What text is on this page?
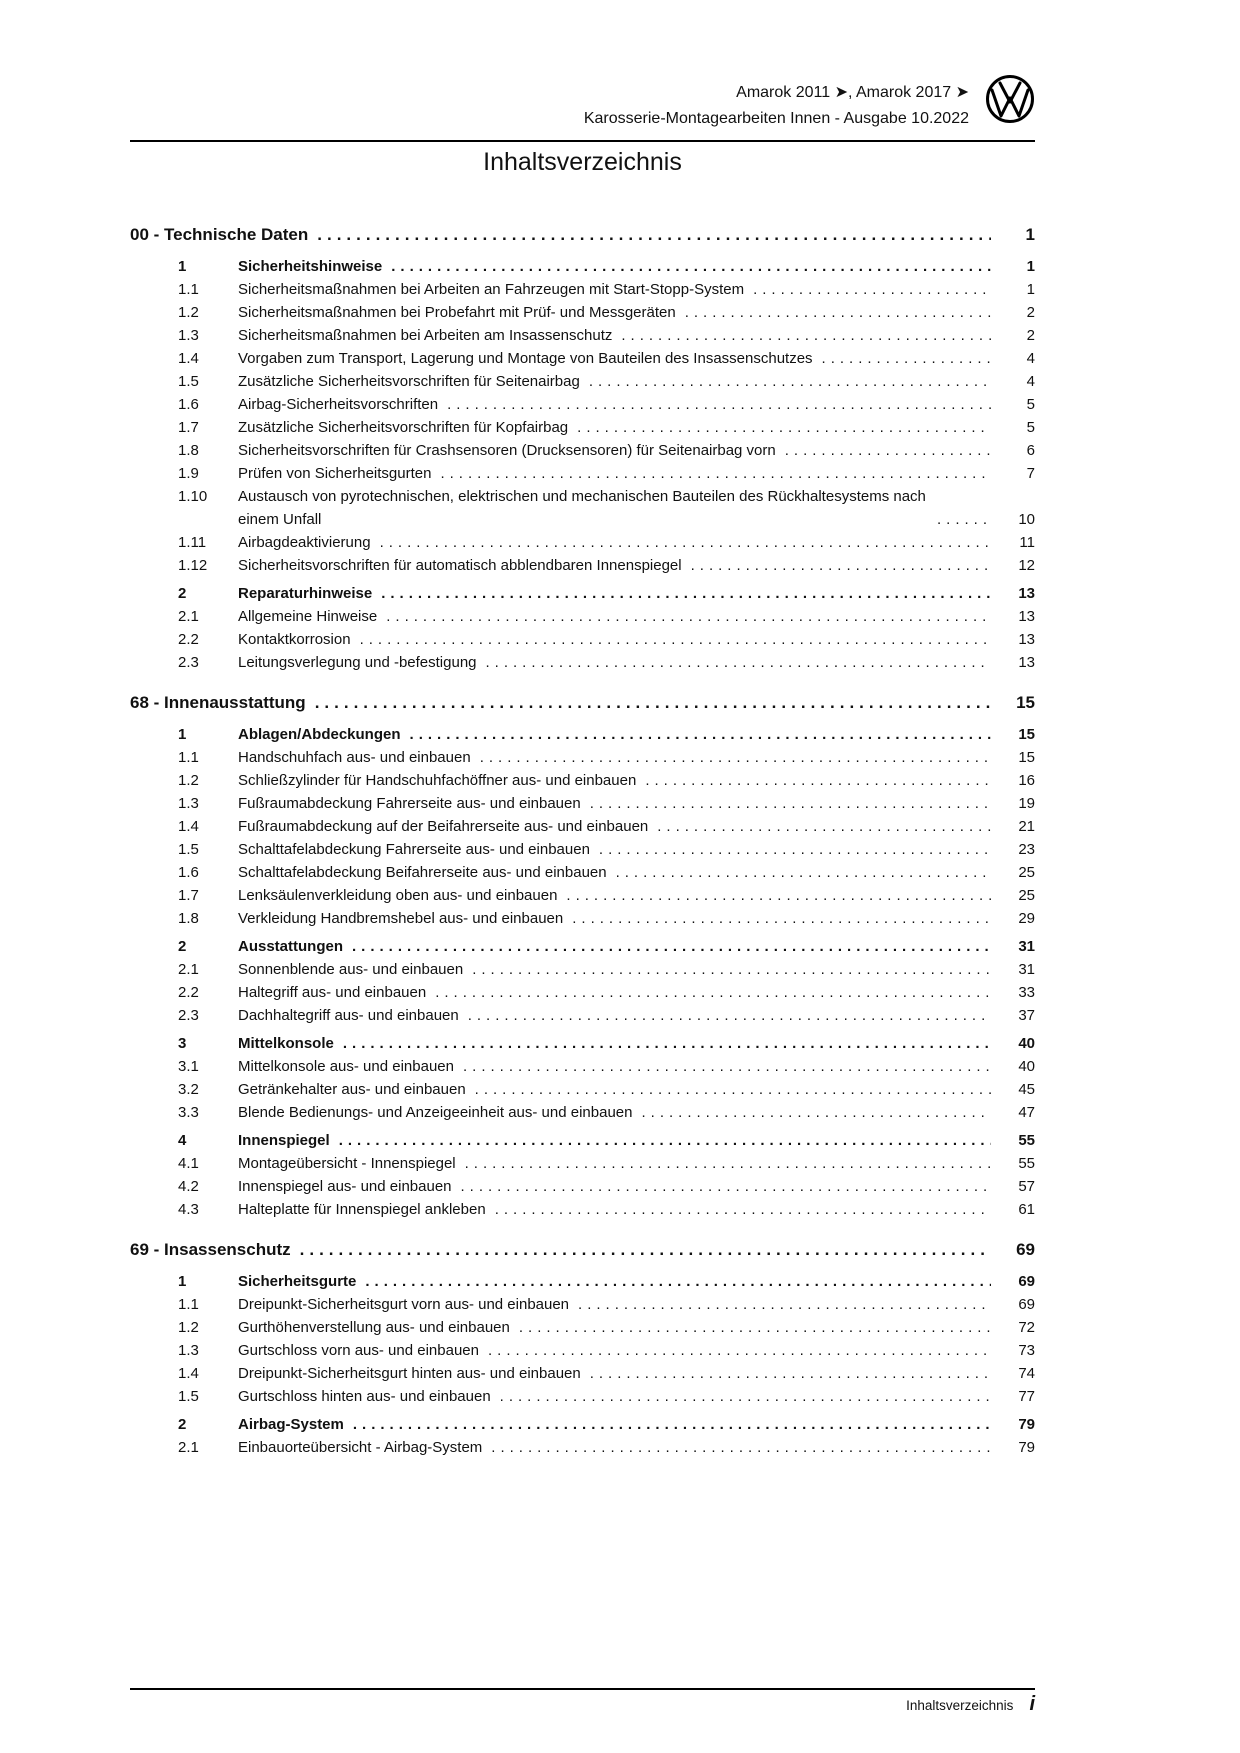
Amarok 2011 ➤, Amarok 2017 ➤
Karosserie-Montagearbeiten Innen - Ausgabe 10.2022
Inhaltsverzeichnis
00 - Technische Daten .....	1
1	Sicherheitshinweise .....	1
1.1	Sicherheitsmaßnahmen bei Arbeiten an Fahrzeugen mit Start-Stopp-System .....	1
1.2	Sicherheitsmaßnahmen bei Probefahrt mit Prüf- und Messgeräten .....	2
1.3	Sicherheitsmaßnahmen bei Arbeiten am Insassenschutz .....	2
1.4	Vorgaben zum Transport, Lagerung und Montage von Bauteilen des Insassenschutzes .....	4
1.5	Zusätzliche Sicherheitsvorschriften für Seitenairbag .....	4
1.6	Airbag-Sicherheitsvorschriften .....	5
1.7	Zusätzliche Sicherheitsvorschriften für Kopfairbag .....	5
1.8	Sicherheitsvorschriften für Crashsensoren (Drucksensoren) für Seitenairbag vorn .....	6
1.9	Prüfen von Sicherheitsgurten .....	7
1.10	Austausch von pyrotechnischen, elektrischen und mechanischen Bauteilen des Rückhaltesystems nach einem Unfall .....	10
1.11	Airbagdeaktivierung .....	11
1.12	Sicherheitsvorschriften für automatisch abblendbaren Innenspiegel .....	12
2	Reparaturhinweise .....	13
2.1	Allgemeine Hinweise .....	13
2.2	Kontaktkorrosion .....	13
2.3	Leitungsverlegung und -befestigung .....	13
68 - Innenausstattung .....	15
1	Ablagen/Abdeckungen .....	15
1.1	Handschuhfach aus- und einbauen .....	15
1.2	Schließzylinder für Handschuhfachöffner aus- und einbauen .....	16
1.3	Fußraumabdeckung Fahrerseite aus- und einbauen .....	19
1.4	Fußraumabdeckung auf der Beifahrerseite aus- und einbauen .....	21
1.5	Schalttafelabdeckung Fahrerseite aus- und einbauen .....	23
1.6	Schalttafelabdeckung Beifahrerseite aus- und einbauen .....	25
1.7	Lenksäulenverkleidung oben aus- und einbauen .....	25
1.8	Verkleidung Handbremshebel aus- und einbauen .....	29
2	Ausstattungen .....	31
2.1	Sonnenblende aus- und einbauen .....	31
2.2	Haltegriff aus- und einbauen .....	33
2.3	Dachhaltegriff aus- und einbauen .....	37
3	Mittelkonsole .....	40
3.1	Mittelkonsole aus- und einbauen .....	40
3.2	Getränkehalter aus- und einbauen .....	45
3.3	Blende Bedienungs- und Anzeigeeinheit aus- und einbauen .....	47
4	Innenspiegel .....	55
4.1	Montageübersicht - Innenspiegel .....	55
4.2	Innenspiegel aus- und einbauen .....	57
4.3	Halteplatte für Innenspiegel ankleben .....	61
69 - Insassenschutz .....	69
1	Sicherheitsgurte .....	69
1.1	Dreipunkt-Sicherheitsgurt vorn aus- und einbauen .....	69
1.2	Gurthöhenverstellung aus- und einbauen .....	72
1.3	Gurtschloss vorn aus- und einbauen .....	73
1.4	Dreipunkt-Sicherheitsgurt hinten aus- und einbauen .....	74
1.5	Gurtschloss hinten aus- und einbauen .....	77
2	Airbag-System .....	79
2.1	Einbauorteübersicht - Airbag-System .....	79
Inhaltsverzeichnis i
